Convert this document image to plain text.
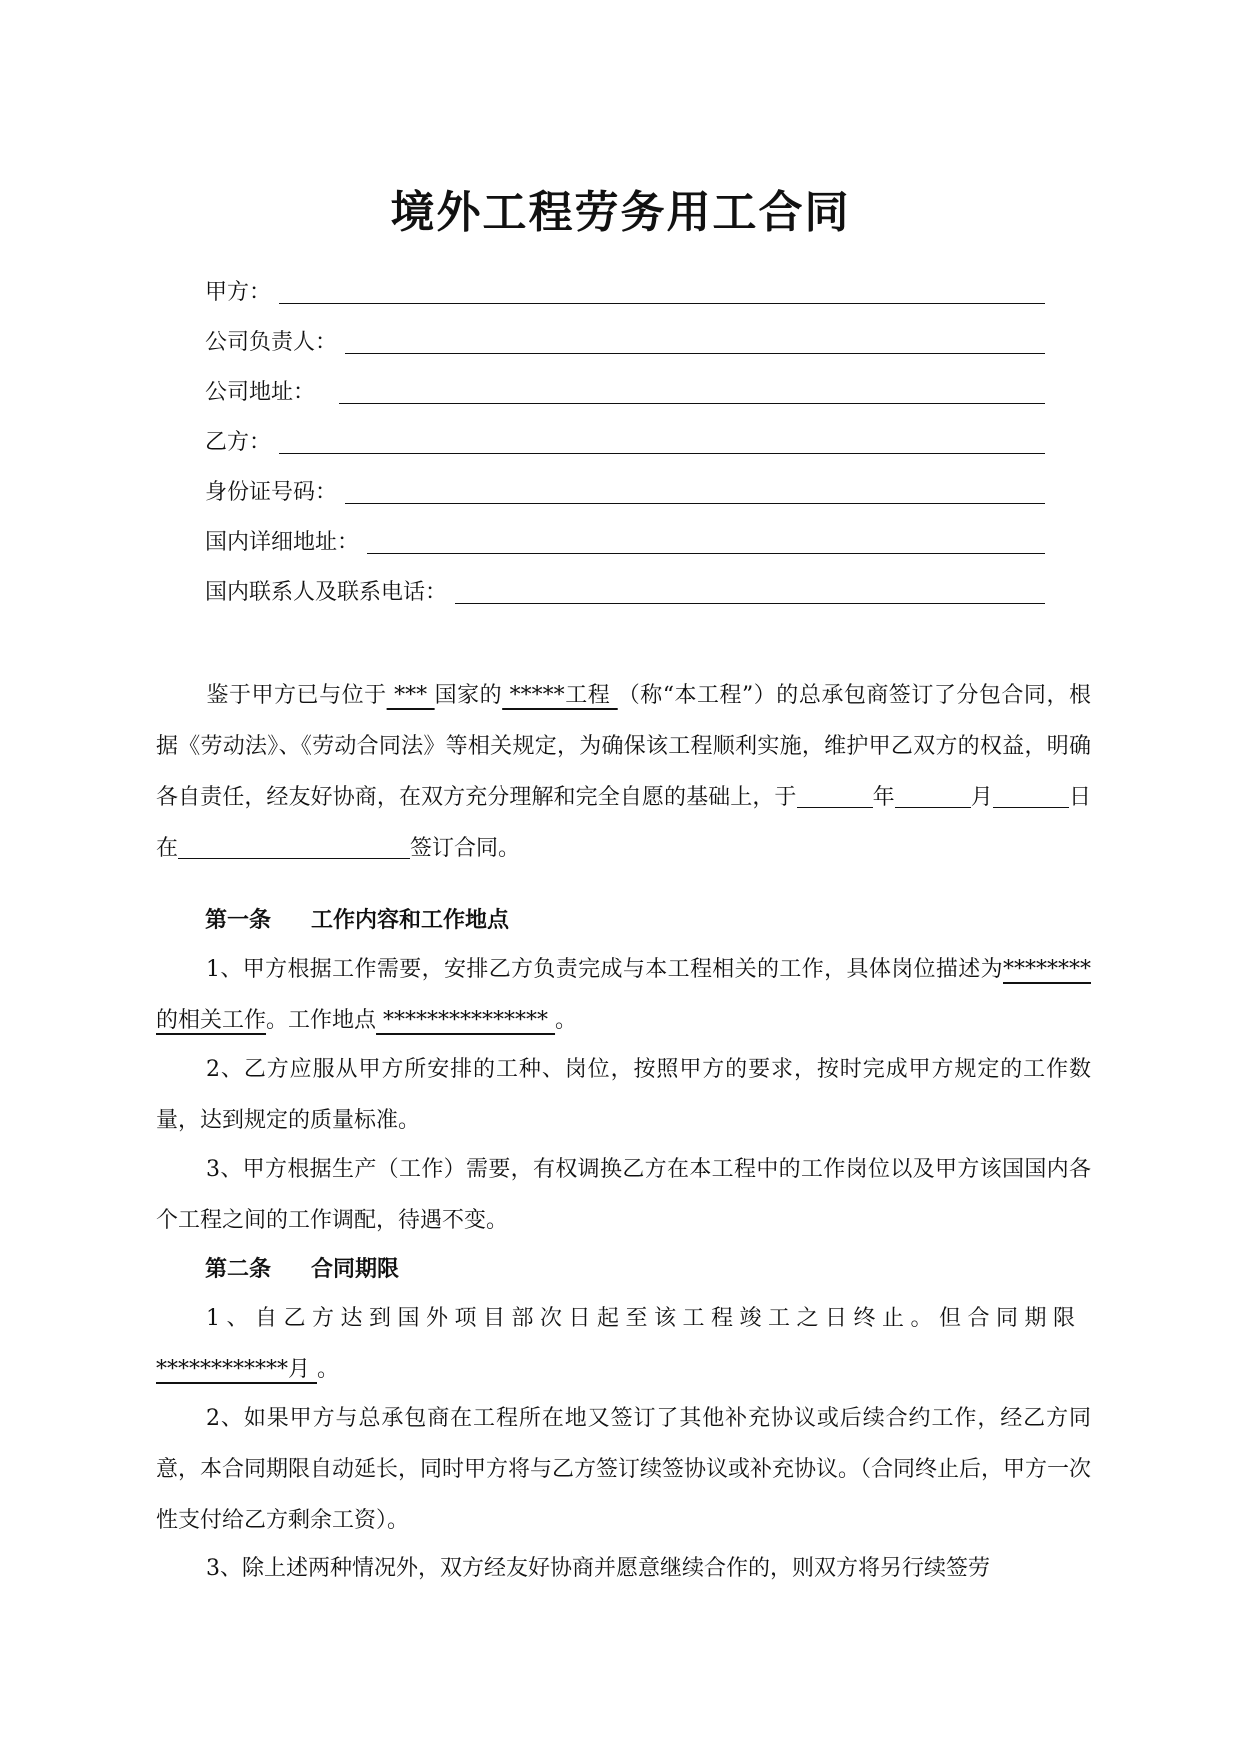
境外工程劳务用工合同
甲方：
公司负责人：
公司地址：
乙方：
身份证号码：
国内详细地址：
国内联系人及联系电话：
鉴于甲方已与位于 *** 国家的 *****工程 （称“本工程”）的总承包商签订了分包合同，根据《劳动法》、《劳动合同法》等相关规定，为确保该工程顺利实施，维护甲乙双方的权益，明确各自责任，经友好协商，在双方充分理解和完全自愿的基础上，于	年	月	日在	签订合同。
第一条 工作内容和工作地点
1、甲方根据工作需要，安排乙方负责完成与本工程相关的工作，具体岗位描述为********的相关工作。工作地点 *************** 。
2、乙方应服从甲方所安排的工种、岗位，按照甲方的要求，按时完成甲方规定的工作数量，达到规定的质量标准。
3、甲方根据生产（工作）需要，有权调换乙方在本工程中的工作岗位以及甲方该国国内各个工程之间的工作调配，待遇不变。
第二条 合同期限
1、自乙方达到国外项目部次日起至该工程竣工之日终止。但合同期限
************月 。
2、如果甲方与总承包商在工程所在地又签订了其他补充协议或后续合约工作，经乙方同意，本合同期限自动延长，同时甲方将与乙方签订续签协议或补充协议。（合同终止后，甲方一次性支付给乙方剩余工资）。
3、除上述两种情况外，双方经友好协商并愿意继续合作的，则双方将另行续签劳
